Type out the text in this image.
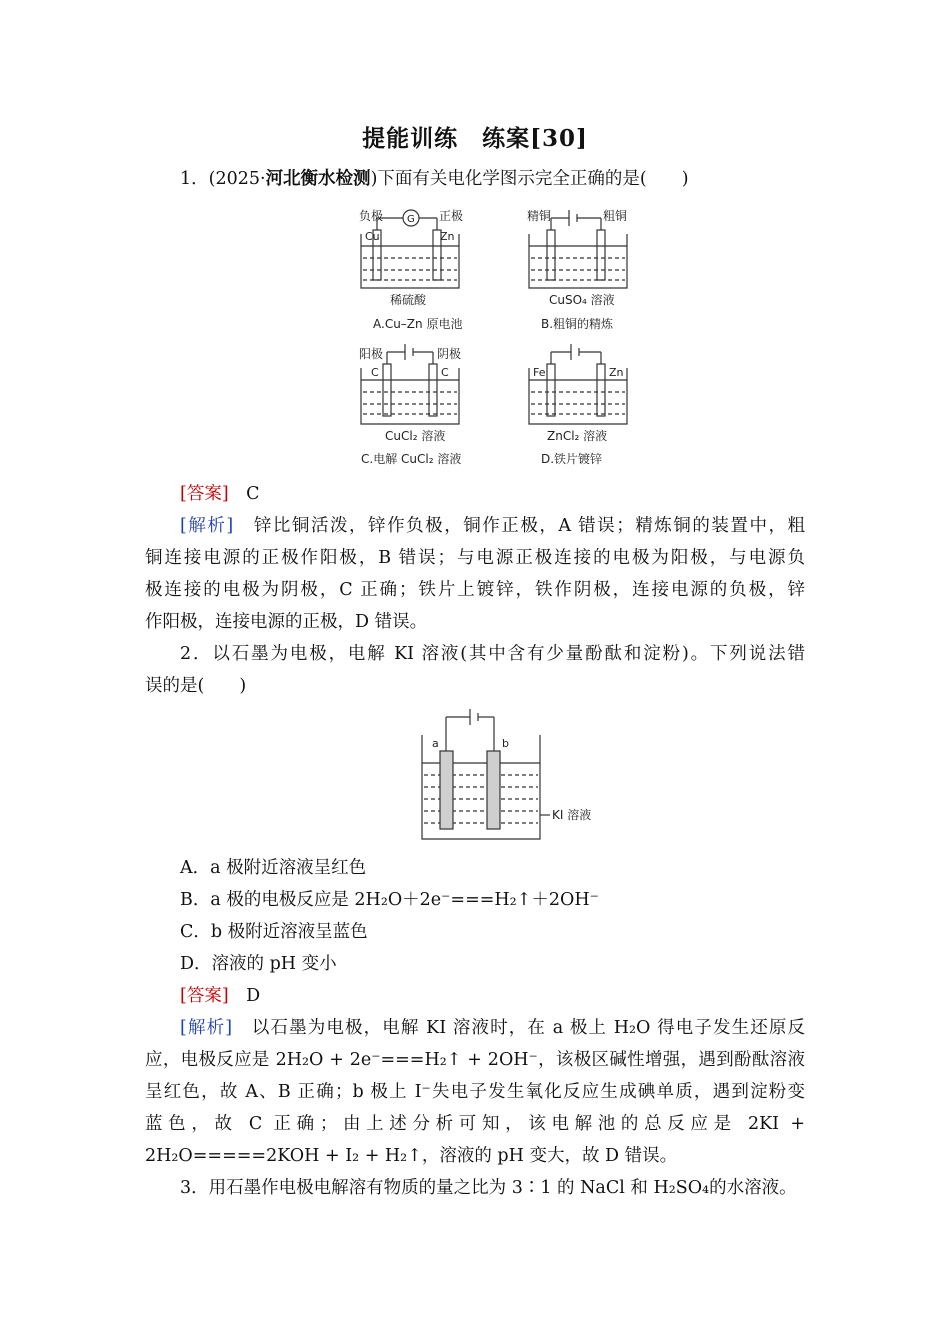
提能训练　练案[30]
1．(2025·河北衡水检测)下面有关电化学图示完全正确的是(　　)
负极 G 正极
Cu	Zn
稀硫酸
A.Cu–Zn 原电池
精铜	粗铜
CuSO₄ 溶液
B.粗铜的精炼
阳极	阴极
C	C
CuCl₂ 溶液
C.电解 CuCl₂ 溶液
Fe	Zn
ZnCl₂ 溶液
D.铁片镀锌
[答案]　 C
[解析]　 锌比铜活泼，锌作负极，铜作正极，A 错误；精炼铜的装置中，粗
铜连接电源的正极作阳极，B 错误；与电源正极连接的电极为阳极，与电源负
极连接的电极为阴极，C 正确；铁片上镀锌，铁作阴极，连接电源的负极，锌
作阳极，连接电源的正极，D 错误。
2．以石墨为电极，电解 KI 溶液(其中含有少量酚酞和淀粉)。下列说法错
误的是(　　)
a	b
KI 溶液
A．a 极附近溶液呈红色
B．a 极的电极反应是 2H₂O＋2e⁻===H₂↑＋2OH⁻
C．b 极附近溶液呈蓝色
D．溶液的 pH 变小
[答案]　 D
[解析]　 以石墨为电极，电解 KI 溶液时，在 a 极上 H₂O 得电子发生还原反
应，电极反应是 2H₂O + 2e⁻===H₂↑ + 2OH⁻，该极区碱性增强，遇到酚酞溶液
呈红色，故 A、B 正确；b 极上 I⁻失电子发生氧化反应生成碘单质，遇到淀粉变
蓝色，故 C 正确；由上述分析可知，该电解池的总反应是 2KI +
2H₂O=====2KOH + I₂ + H₂↑，溶液的 pH 变大，故 D 错误。
3．用石墨作电极电解溶有物质的量之比为 3∶1 的 NaCl 和 H₂SO₄的水溶液。
